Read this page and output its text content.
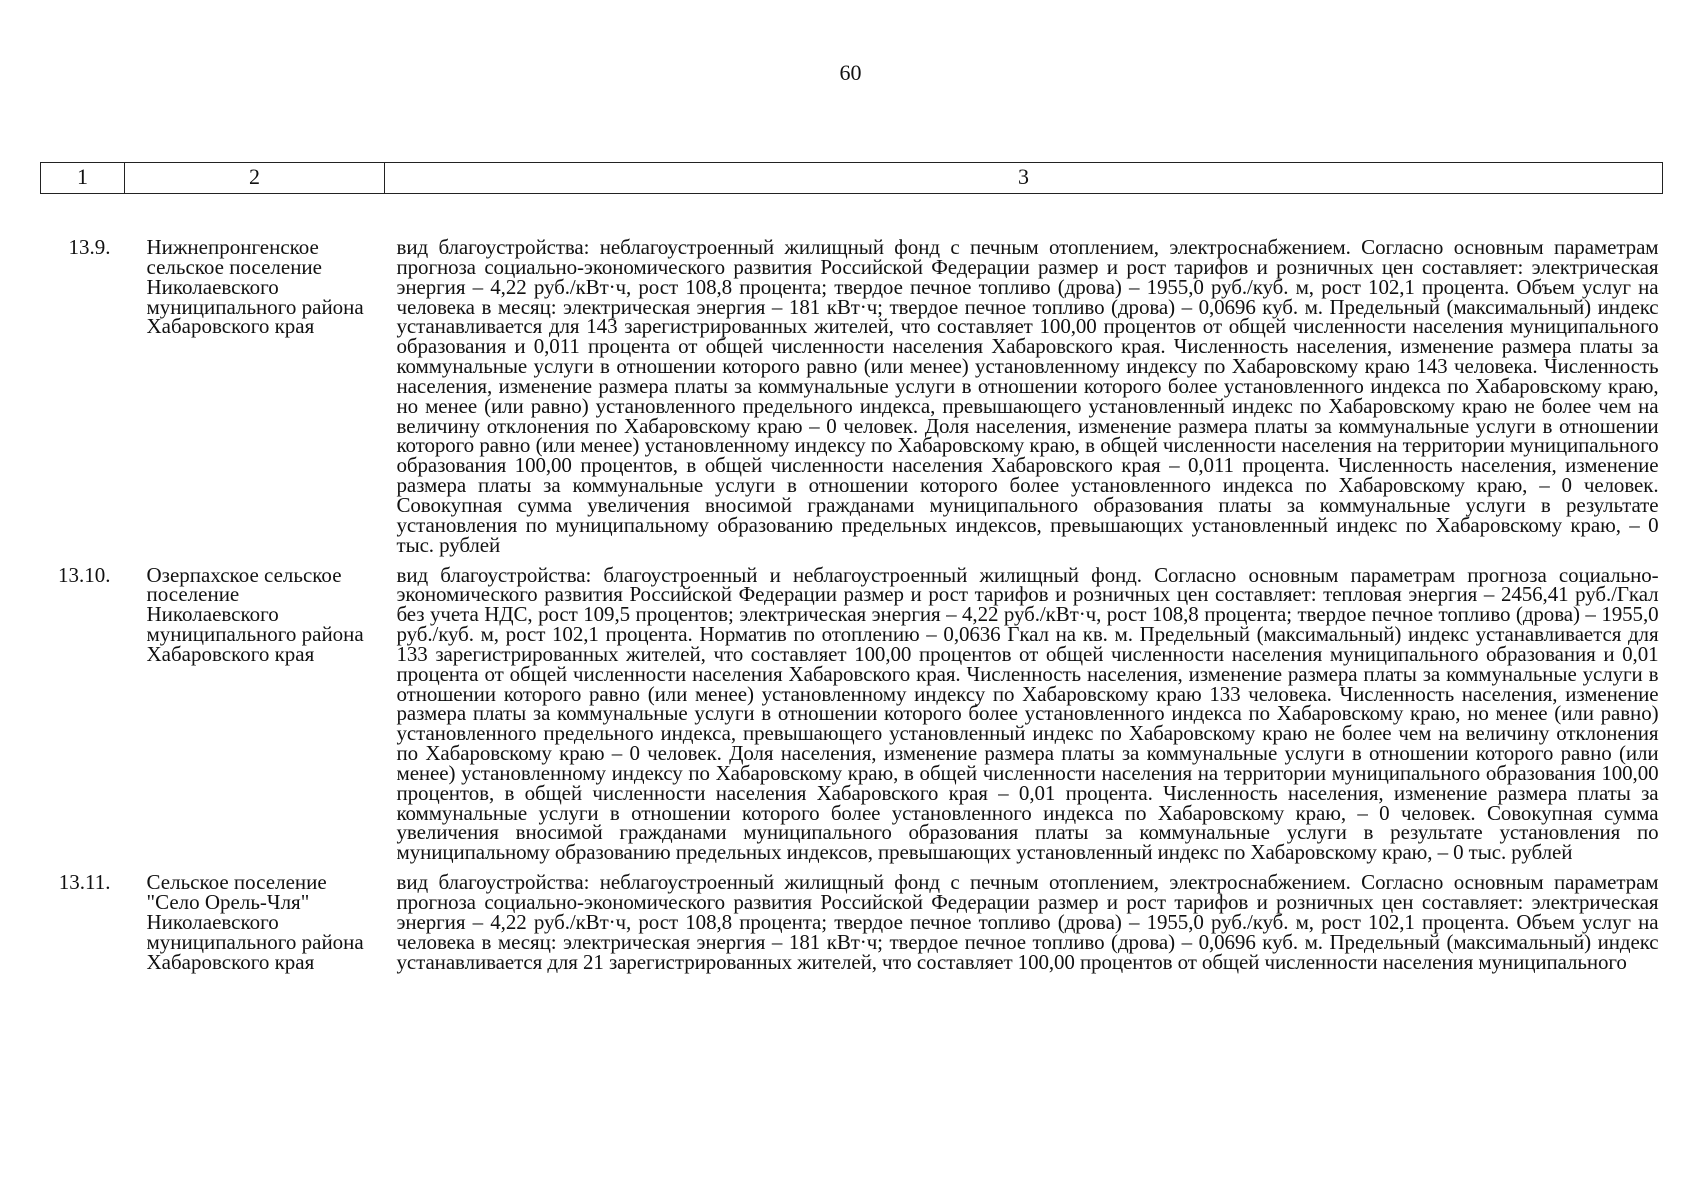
60
1	2	3
13.9.	Нижнепронгенское сельское поселение Николаевского муниципального района Хабаровского края	вид благоустройства: неблагоустроенный жилищный фонд с печным отоплением, электроснабжением. Согласно основным параметрам прогноза социально-экономического развития Российской Федерации размер и рост тарифов и розничных цен составляет: электрическая энергия – 4,22 руб./кВт·ч, рост 108,8 процента; твердое печное топливо (дрова) – 1955,0 руб./куб. м, рост 102,1 процента. Объем услуг на человека в месяц: электрическая энергия – 181 кВт·ч; твердое печное топливо (дрова) – 0,0696 куб. м. Предельный (максимальный) индекс устанавливается для 143 зарегистрированных жителей, что составляет 100,00 процентов от общей численности населения муниципального образования и 0,011 процента от общей численности населения Хабаровского края. Численность населения, изменение размера платы за коммунальные услуги в отношении которого равно (или менее) установленному индексу по Хабаровскому краю 143 человека. Численность населения, изменение размера платы за коммунальные услуги в отношении которого более установленного индекса по Хабаровскому краю, но менее (или равно) установленного предельного индекса, превышающего установленный индекс по Хабаровскому краю не более чем на величину отклонения по Хабаровскому краю – 0 человек. Доля населения, изменение размера платы за коммунальные услуги в отношении которого равно (или менее) установленному индексу по Хабаровскому краю, в общей численности населения на территории муниципального образования 100,00 процентов, в общей численности населения Хабаровского края – 0,011 процента. Численность населения, изменение размера платы за коммунальные услуги в отношении которого более установленного индекса по Хабаровскому краю, – 0 человек. Совокупная сумма увеличения вносимой гражданами муниципального образования платы за коммунальные услуги в результате установления по муниципальному образованию предельных индексов, превышающих установленный индекс по Хабаровскому краю, – 0 тыс. рублей
13.10.	Озерпахское сельское поселение Николаевского муниципального района Хабаровского края	вид благоустройства: благоустроенный и неблагоустроенный жилищный фонд. Согласно основным параметрам прогноза социально-экономического развития Российской Федерации размер и рост тарифов и розничных цен составляет: тепловая энергия – 2456,41 руб./Гкал без учета НДС, рост 109,5 процентов; электрическая энергия – 4,22 руб./кВт·ч, рост 108,8 процента; твердое печное топливо (дрова) – 1955,0 руб./куб. м, рост 102,1 процента. Норматив по отоплению – 0,0636 Гкал на кв. м. Предельный (максимальный) индекс устанавливается для 133 зарегистрированных жителей, что составляет 100,00 процентов от общей численности населения муниципального образования и 0,01 процента от общей численности населения Хабаровского края. Численность населения, изменение размера платы за коммунальные услуги в отношении которого равно (или менее) установленному индексу по Хабаровскому краю 133 человека. Численность населения, изменение размера платы за коммунальные услуги в отношении которого более установленного индекса по Хабаровскому краю, но менее (или равно) установленного предельного индекса, превышающего установленный индекс по Хабаровскому краю не более чем на величину отклонения по Хабаровскому краю – 0 человек. Доля населения, изменение размера платы за коммунальные услуги в отношении которого равно (или менее) установленному индексу по Хабаровскому краю, в общей численности населения на территории муниципального образования 100,00 процентов, в общей численности населения Хабаровского края – 0,01 процента. Численность населения, изменение размера платы за коммунальные услуги в отношении которого более установленного индекса по Хабаровскому краю, – 0 человек. Совокупная сумма увеличения вносимой гражданами муниципального образования платы за коммунальные услуги в результате установления по муниципальному образованию предельных индексов, превышающих установленный индекс по Хабаровскому краю, – 0 тыс. рублей
13.11.	Сельское поселение "Село Орель-Чля" Николаевского муниципального района Хабаровского края	вид благоустройства: неблагоустроенный жилищный фонд с печным отоплением, электроснабжением. Согласно основным параметрам прогноза социально-экономического развития Российской Федерации размер и рост тарифов и розничных цен составляет: электрическая энергия – 4,22 руб./кВт·ч, рост 108,8 процента; твердое печное топливо (дрова) – 1955,0 руб./куб. м, рост 102,1 процента. Объем услуг на человека в месяц: электрическая энергия – 181 кВт·ч; твердое печное топливо (дрова) – 0,0696 куб. м. Предельный (максимальный) индекс устанавливается для 21 зарегистрированных жителей, что составляет 100,00 процентов от общей численности населения муниципального
